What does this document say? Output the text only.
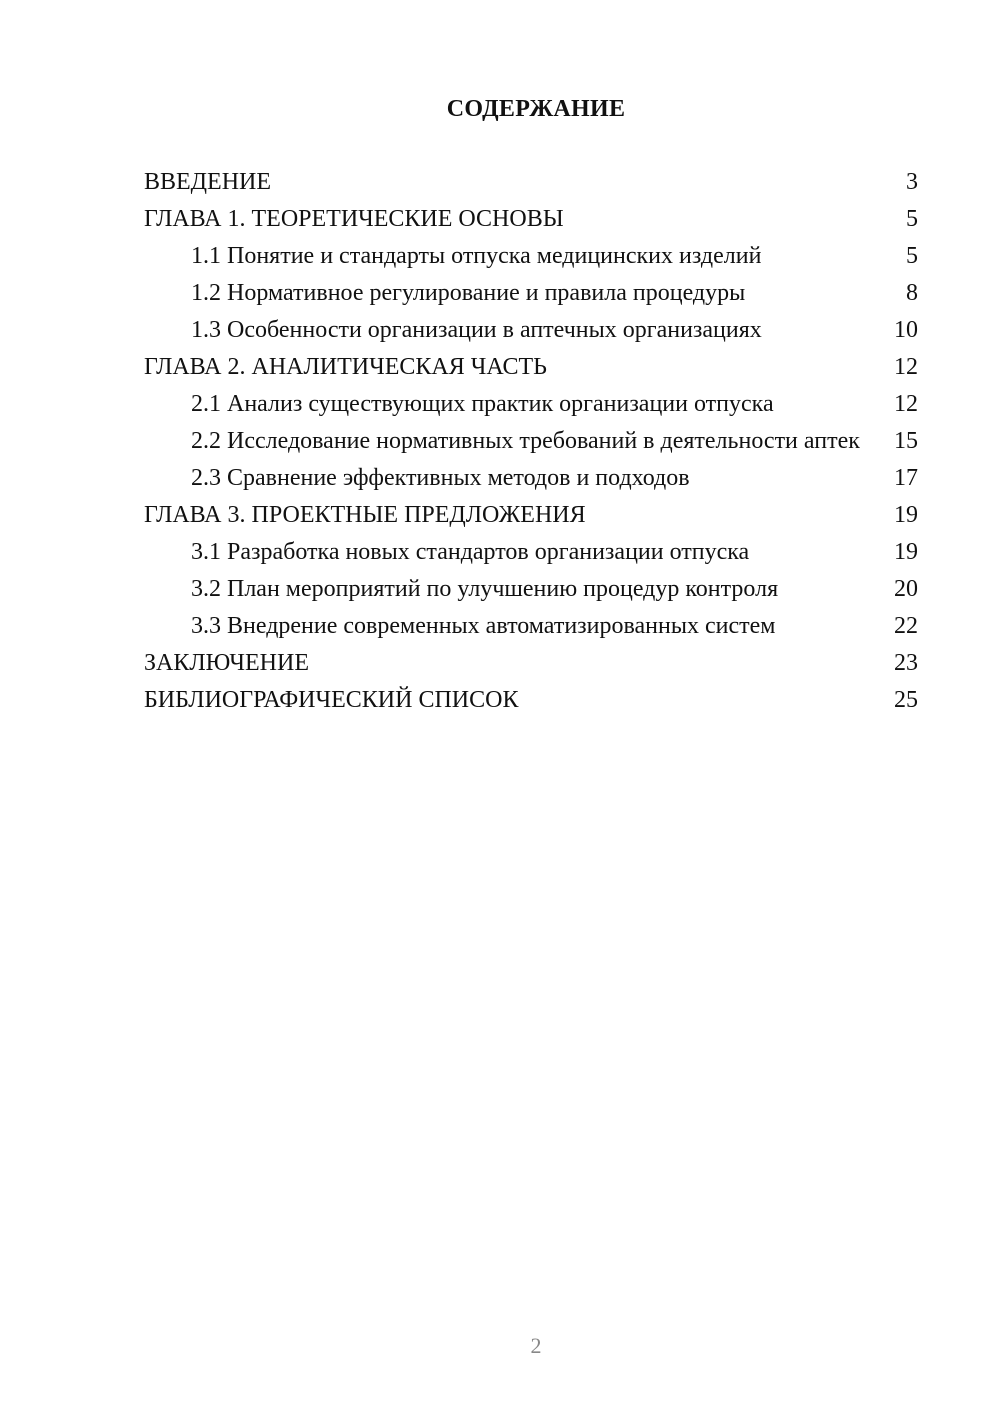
СОДЕРЖАНИЕ
ВВЕДЕНИЕ	3
ГЛАВА 1. ТЕОРЕТИЧЕСКИЕ ОСНОВЫ	5
1.1 Понятие и стандарты отпуска медицинских изделий	5
1.2 Нормативное регулирование и правила процедуры	8
1.3 Особенности организации в аптечных организациях	10
ГЛАВА 2. АНАЛИТИЧЕСКАЯ ЧАСТЬ	12
2.1 Анализ существующих практик организации отпуска	12
2.2 Исследование нормативных требований в деятельности аптек	15
2.3 Сравнение эффективных методов и подходов	17
ГЛАВА 3. ПРОЕКТНЫЕ ПРЕДЛОЖЕНИЯ	19
3.1 Разработка новых стандартов организации отпуска	19
3.2 План мероприятий по улучшению процедур контроля	20
3.3 Внедрение современных автоматизированных систем	22
ЗАКЛЮЧЕНИЕ	23
БИБЛИОГРАФИЧЕСКИЙ СПИСОК	25
2
